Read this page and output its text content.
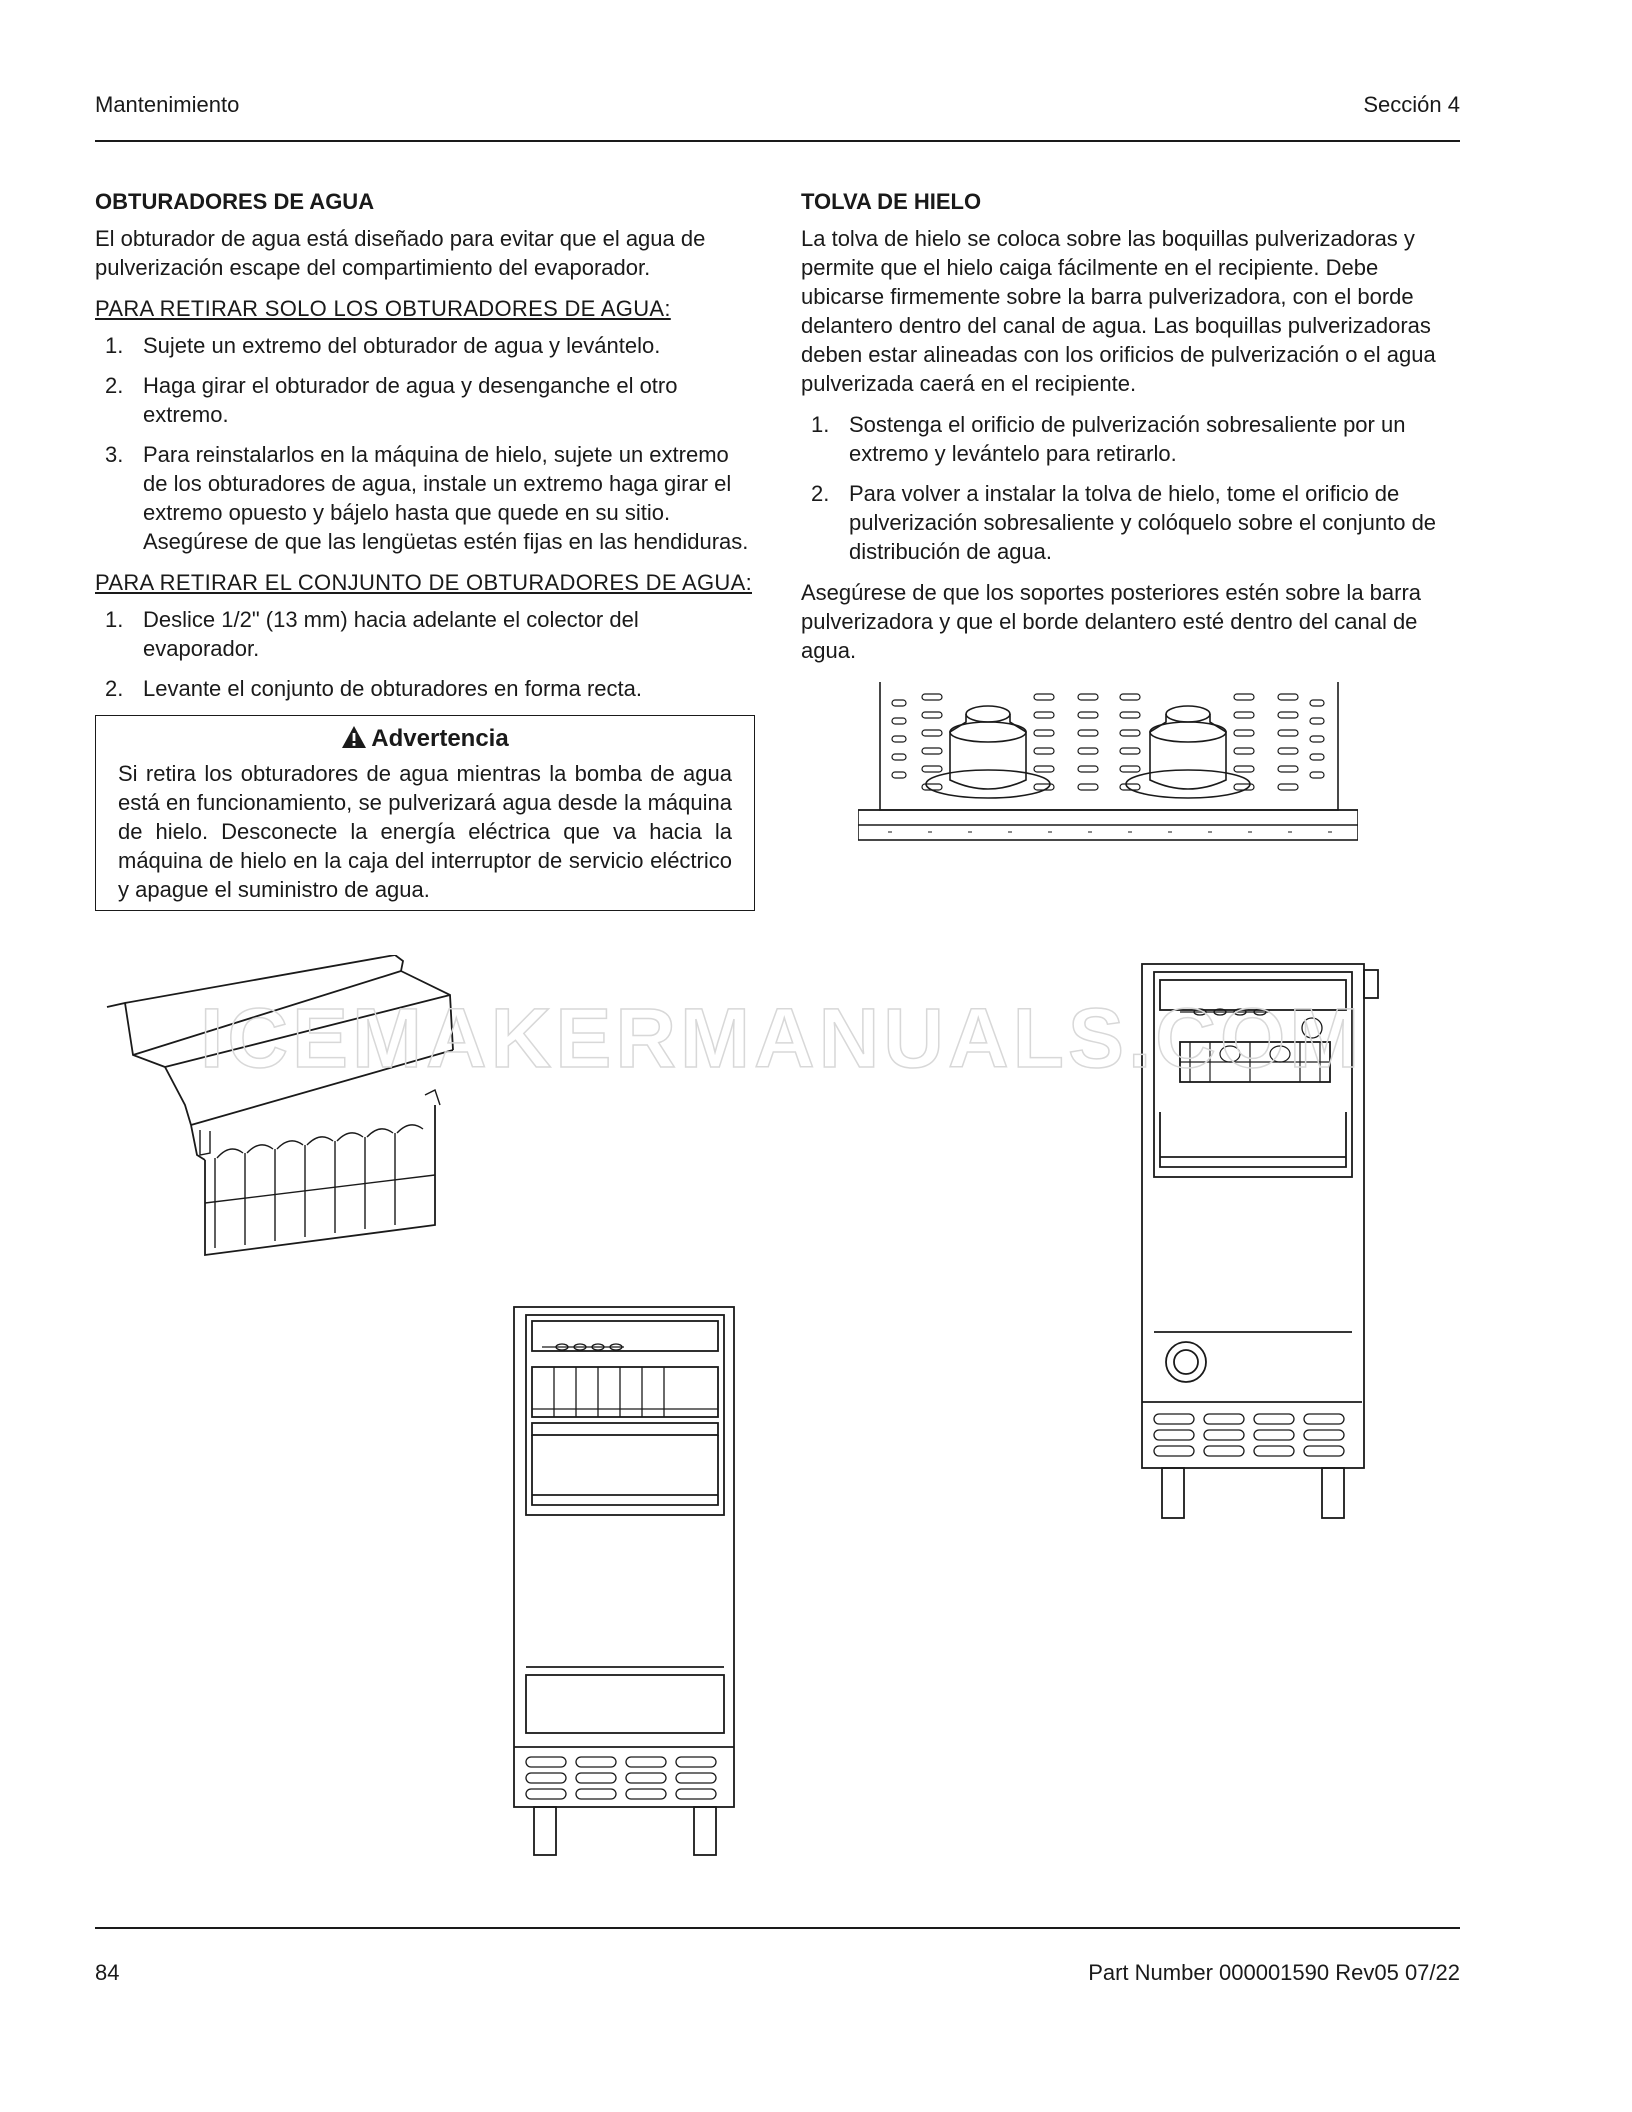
Mantenimiento	Sección 4
OBTURADORES DE AGUA

El obturador de agua está diseñado para evitar que el agua de pulverización escape del compartimiento del evaporador.

PARA RETIRAR SOLO LOS OBTURADORES DE AGUA:
1. Sujete un extremo del obturador de agua y levántelo.
2. Haga girar el obturador de agua y desenganche el otro extremo.
3. Para reinstalarlos en la máquina de hielo, sujete un extremo de los obturadores de agua, instale un extremo haga girar el extremo opuesto y bájelo hasta que quede en su sitio. Asegúrese de que las lengüetas estén fijas en las hendiduras.
PARA RETIRAR EL CONJUNTO DE OBTURADORES DE AGUA:
1. Deslice 1/2" (13 mm) hacia adelante el colector del evaporador.
2. Levante el conjunto de obturadores en forma recta.
Advertencia
Si retira los obturadores de agua mientras la bomba de agua está en funcionamiento, se pulverizará agua desde la máquina de hielo. Desconecte la energía eléctrica que va hacia la máquina de hielo en la caja del interruptor de servicio eléctrico y apague el suministro de agua.
TOLVA DE HIELO

La tolva de hielo se coloca sobre las boquillas pulverizadoras y permite que el hielo caiga fácilmente en el recipiente. Debe ubicarse firmemente sobre la barra pulverizadora, con el borde delantero dentro del canal de agua. Las boquillas pulverizadoras deben estar alineadas con los orificios de pulverización o el agua pulverizada caerá en el recipiente.

1. Sostenga el orificio de pulverización sobresaliente por un extremo y levántelo para retirarlo.
2. Para volver a instalar la tolva de hielo, tome el orificio de pulverización sobresaliente y colóquelo sobre el conjunto de distribución de agua.

Asegúrese de que los soportes posteriores estén sobre la barra pulverizadora y que el borde delantero esté dentro del canal de agua.

ICEMAKERMANUALS.COM
84	Part Number 000001590 Rev05 07/22
